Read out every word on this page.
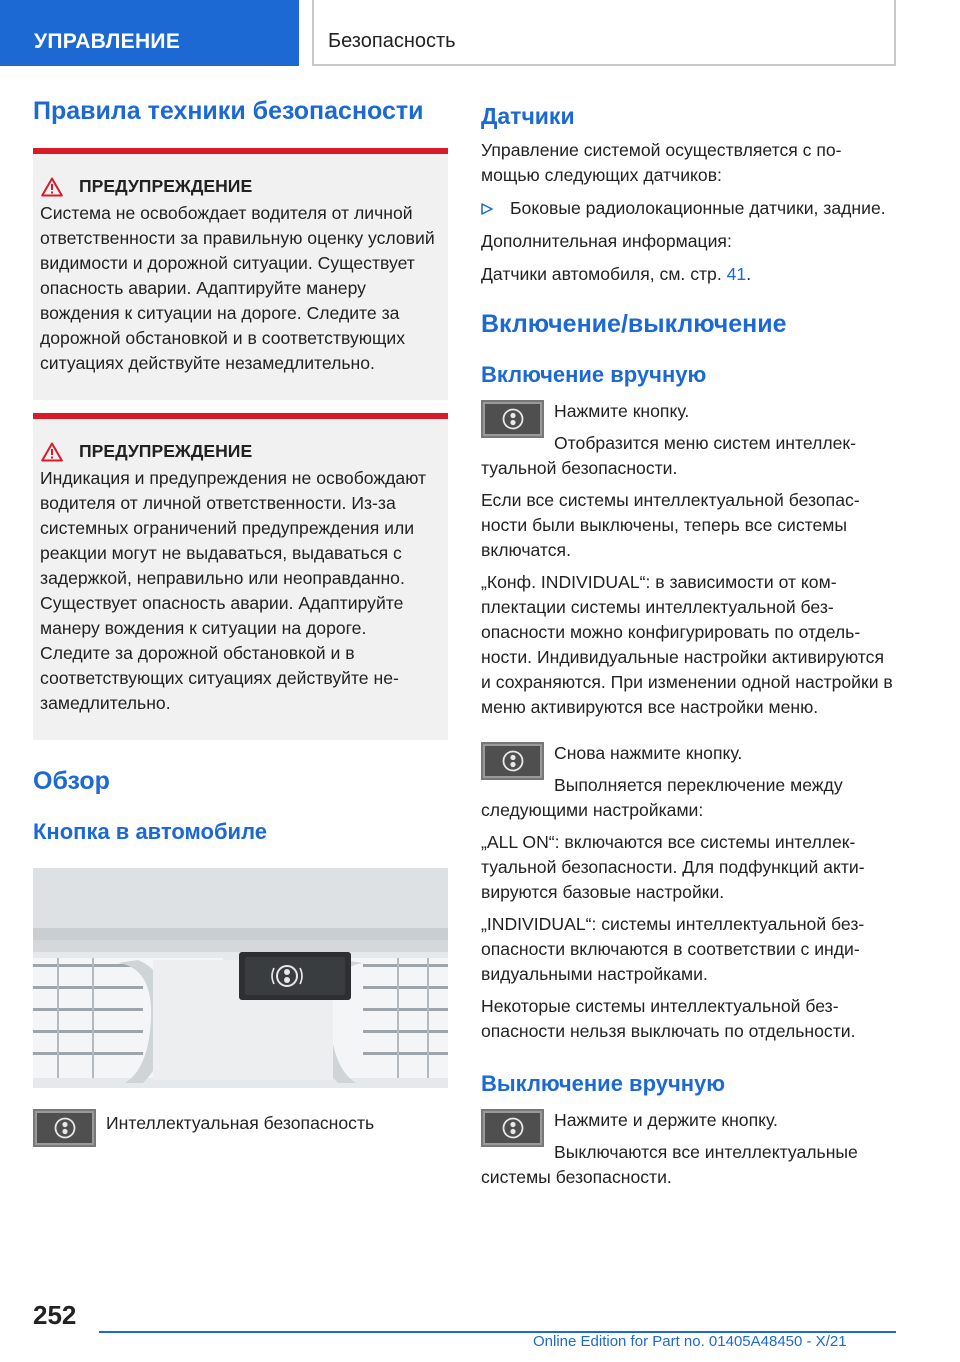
УПРАВЛЕНИЕ	Безопасность
Правила техники безопасности
ПРЕДУПРЕЖДЕНИЕ

Система не освобождает водителя от личной ответственности за правильную оценку условий видимости и дорожной ситуации. Существует опасность аварии. Адаптируйте манеру вождения к ситуации на дороге. Следите за дорожной обстановкой и в соответствующих ситуациях действуйте незамедлительно.

ПРЕДУПРЕЖДЕНИЕ

Индикация и предупреждения не освобождают водителя от личной ответственности. Из-за системных ограничений предупреждения или реакции могут не выдаваться, выдаваться с задержкой, неправильно или неоправданно. Существует опасность аварии. Адаптируйте манеру вождения к ситуации на дороге. Следите за дорожной обстановкой и в соответствующих ситуациях действуйте незамедлительно.

Обзор
Кнопка в автомобиле

Интеллектуальная безопасность

Датчики

Управление системой осуществляется с помощью следующих датчиков:

Боковые радиолокационные датчики, задние.

Дополнительная информация:

Датчики автомобиля, см. стр. 41.

Включение/выключение
Включение вручную

Нажмите кнопку.

Отобразится меню систем интеллектуальной безопасности.

Если все системы интеллектуальной безопасности были выключены, теперь все системы включатся.

„Конф. INDIVIDUAL“: в зависимости от комплектации системы интеллектуальной безопасности можно конфигурировать по отдельности. Индивидуальные настройки активируются и сохраняются. При изменении одной настройки в меню активируются все настройки меню.

Снова нажмите кнопку.

Выполняется переключение между следующими настройками:

„ALL ON“: включаются все системы интеллектуальной безопасности. Для подфункций активируются базовые настройки.

„INDIVIDUAL“: системы интеллектуальной безопасности включаются в соответствии с индивидуальными настройками.

Некоторые системы интеллектуальной безопасности нельзя выключать по отдельности.

Выключение вручную

Нажмите и держите кнопку.

Выключаются все интеллектуальные системы безопасности.

252
Online Edition for Part no. 01405A48450 - X/21
